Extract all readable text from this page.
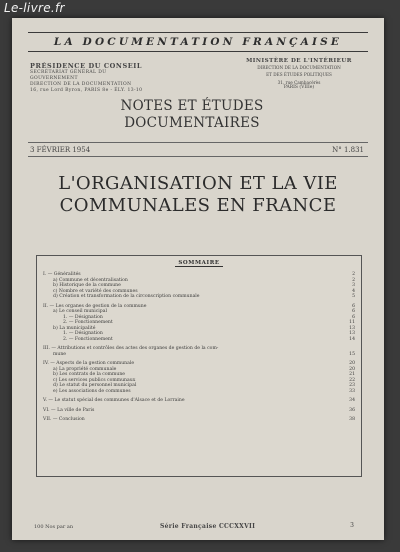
Le-livre.fr
LA DOCUMENTATION FRANÇAISE
PRÉSIDENCE DU CONSEIL
SECRÉTARIAT GÉNÉRAL DU GOUVERNEMENT
DIRECTION DE LA DOCUMENTATION
16, rue Lord Byron, PARIS 8e - ÉLY. 13-10
MINISTÈRE DE L'INTÉRIEUR
DIRECTION DE LA DOCUMENTATION
ET DES ÉTUDES POLITIQUES
31, rue Cambacérès
PARIS (VIIIe)
NOTES ET ÉTUDES
DOCUMENTAIRES
3 FÉVRIER 1954	N° 1.831
L'ORGANISATION ET LA VIE
COMMUNALES EN FRANCE
SOMMAIRE
I. — Généralités	2
a) Commune et décentralisation	2
b) Historique de la commune	3
c) Nombre et variété des communes	4
d) Création et transformation de la circonscription communale	5
II. — Les organes de gestion de la commune	6
a) Le conseil municipal	6
1. — Désignation	6
2. — Fonctionnement	11
b) La municipalité	13
1. — Désignation	13
2. — Fonctionnement	14
III. — Attributions et contrôles des actes des organes de gestion de la com-
mune	15
IV. — Aspects de la gestion communale	20
a) La propriété communale	20
b) Les contrats de la commune	21
c) Les services publics communaux	22
d) Le statut du personnel municipal	23
e) Les associations de communes	33
V. — Le statut spécial des communes d'Alsace et de Lorraine	34
VI. — La ville de Paris	36
VII. — Conclusion	38
100 Nos par an	Série Française CCCXXVII	3
